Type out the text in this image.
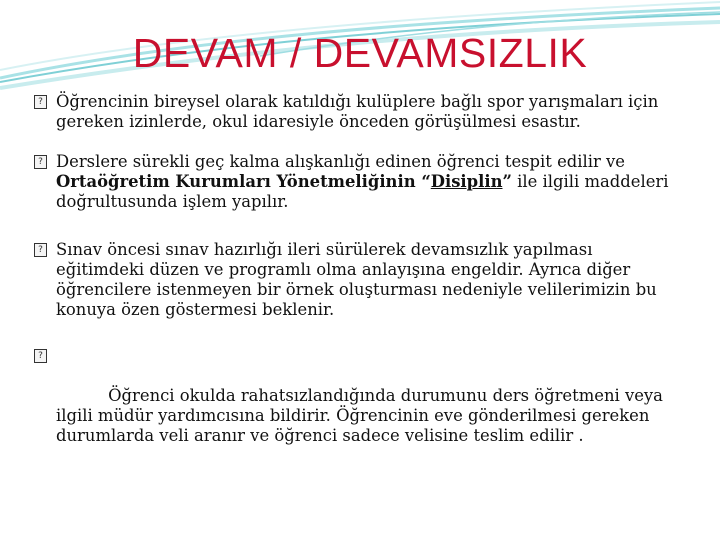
DEVAM / DEVAMSIZLIK

? Öğrencinin bireysel olarak katıldığı kulüplere bağlı spor yarışmaları için gereken izinlerde, okul idaresiyle önceden görüşülmesi esastır.

? Derslere sürekli geç kalma alışkanlığı edinen öğrenci tespit edilir ve Ortaöğretim Kurumları Yönetmeliğinin “Disiplin” ile ilgili maddeleri doğrultusunda işlem yapılır.

? Sınav öncesi sınav hazırlığı ileri sürülerek devamsızlık yapılması eğitimdeki düzen ve programlı olma anlayışına engeldir. Ayrıca diğer öğrencilere istenmeyen bir örnek oluşturması nedeniyle velilerimizin bu konuya özen göstermesi beklenir.

?

Öğrenci okulda rahatsızlandığında durumunu ders öğretmeni veya ilgili müdür yardımcısına bildirir. Öğrencinin eve gönderilmesi gereken durumlarda veli aranır ve öğrenci sadece velisine teslim edilir .
